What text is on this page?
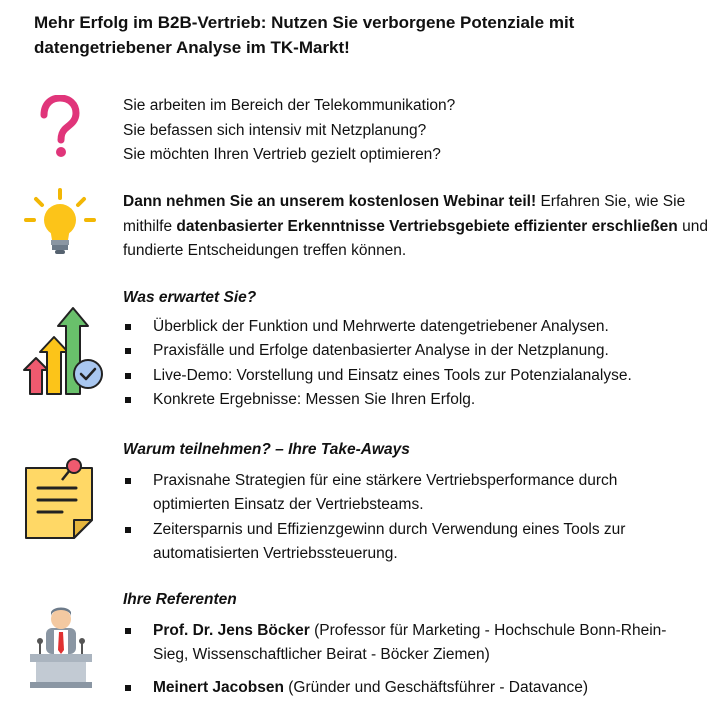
Mehr Erfolg im B2B-Vertrieb: Nutzen Sie verborgene Potenziale mit datengetriebener Analyse im TK-Markt!
Sie arbeiten im Bereich der Telekommunikation?
Sie befassen sich intensiv mit Netzplanung?
Sie möchten Ihren Vertrieb gezielt optimieren?
Dann nehmen Sie an unserem kostenlosen Webinar teil! Erfahren Sie, wie Sie mithilfe datenbasierter Erkenntnisse Vertriebsgebiete effizienter erschließen und fundierte Entscheidungen treffen können.
Was erwartet Sie?
Überblick der Funktion und Mehrwerte datengetriebener Analysen.
Praxisfälle und Erfolge datenbasierter Analyse in der Netzplanung.
Live-Demo: Vorstellung und Einsatz eines Tools zur Potenzialanalyse.
Konkrete Ergebnisse: Messen Sie Ihren Erfolg.
Warum teilnehmen? – Ihre Take-Aways
Praxisnahe Strategien für eine stärkere Vertriebsperformance durch optimierten Einsatz der Vertriebsteams.
Zeitersparnis und Effizienzgewinn durch Verwendung eines Tools zur automatisierten Vertriebssteuerung.
Ihre Referenten
Prof. Dr. Jens Böcker (Professor für Marketing - Hochschule Bonn-Rhein-Sieg, Wissenschaftlicher Beirat - Böcker Ziemen)
Meinert Jacobsen (Gründer und Geschäftsführer - Datavance)
